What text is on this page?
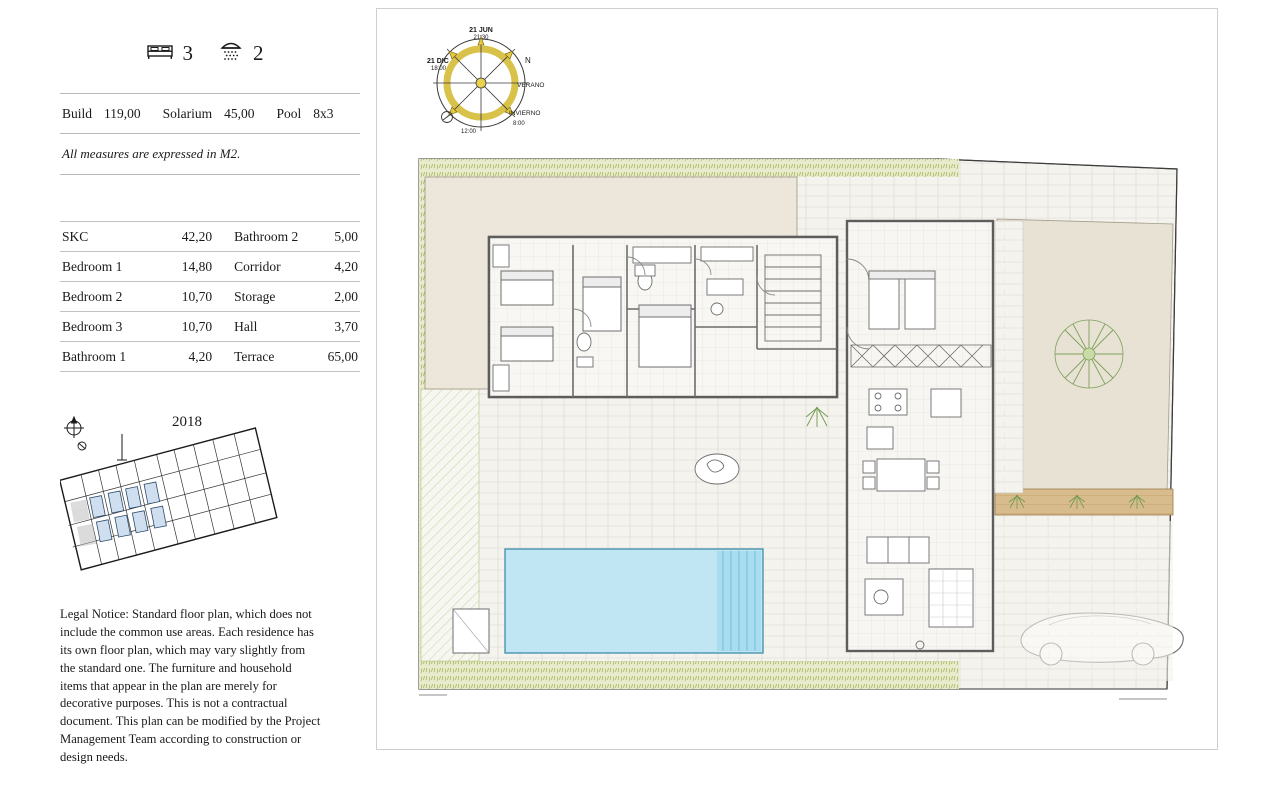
3	2
Build 119,00 Solarium 45,00 Pool 8x3
All measures are expressed in M2.
SKC	42,20	Bathroom 2	5,00
Bedroom 1	14,80	Corridor	4,20
Bedroom 2	10,70	Storage	2,00
Bedroom 3	10,70	Hall	3,70
Bathroom 1	4,20	Terrace	65,00
2018
Legal Notice: Standard floor plan, which does not include the common use areas. Each residence has its own floor plan, which may vary slightly from the standard one. The furniture and household items that appear in the plan are merely for decorative purposes. This is not a contractual document. This plan can be modified by the Project Management Team according to construction or design needs.
21 JUN
21:30
21 DIC
18:00
N
VERANO
INVIERNO
8:00
12:00
